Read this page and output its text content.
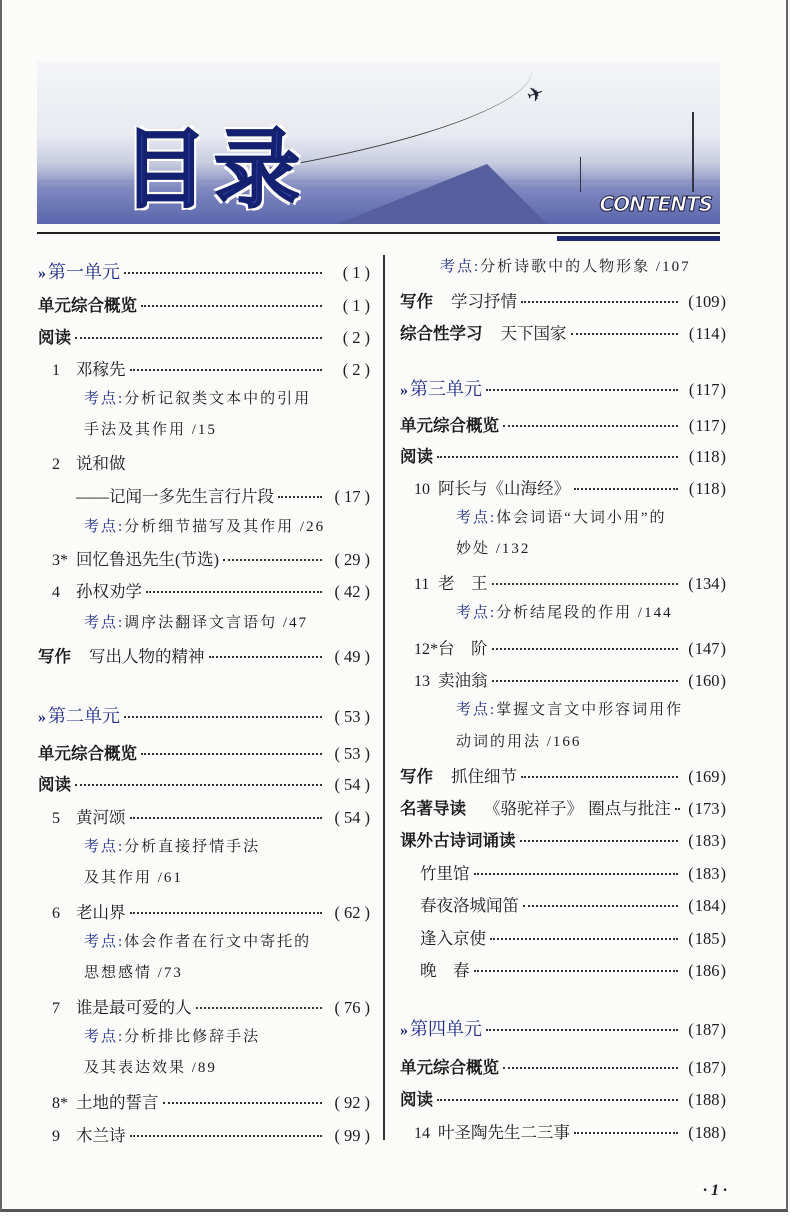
✈
目录	CONTENTS
» 第一单元	( 1 )
单元综合概览	( 1 )
阅读	( 2 )
1 邓稼先	( 2 )
考点: 分析记叙类文本中的引用
手法及其作用 /15
2 说和做
——记闻一多先生言行片段	( 17 )
考点: 分析细节描写及其作用 /26
3* 回忆鲁迅先生(节选)	( 29 )
4 孙权劝学	( 42 )
考点: 调序法翻译文言语句 /47
写作 写出人物的精神	( 49 )
» 第二单元	( 53 )
单元综合概览	( 53 )
阅读	( 54 )
5 黄河颂	( 54 )
考点: 分析直接抒情手法
及其作用 /61
6 老山界	( 62 )
考点: 体会作者在行文中寄托的
思想感情 /73
7 谁是最可爱的人	( 76 )
考点: 分析排比修辞手法
及其表达效果 /89
8* 土地的誓言	( 92 )
9 木兰诗	( 99 )
考点: 分析诗歌中的人物形象 /107
写作 学习抒情	( 109 )
综合性学习 天下国家	( 114 )
» 第三单元	( 117 )
单元综合概览	( 117 )
阅读	( 118 )
10 阿长与《山海经》	( 118 )
考点: 体会词语“大词小用”的
妙处 /132
11 老　王	( 134 )
考点: 分析结尾段的作用 /144
12* 台　阶	( 147 )
13 卖油翁	( 160 )
考点: 掌握文言文中形容词用作
动词的用法 /166
写作 抓住细节	( 169 )
名著导读 《骆驼祥子》 圈点与批注	( 173 )
课外古诗词诵读	( 183 )
竹里馆	( 183 )
春夜洛城闻笛	( 184 )
逢入京使	( 185 )
晚　春	( 186 )
» 第四单元	( 187 )
单元综合概览	( 187 )
阅读	( 188 )
14 叶圣陶先生二三事	( 188 )
· 1 ·
